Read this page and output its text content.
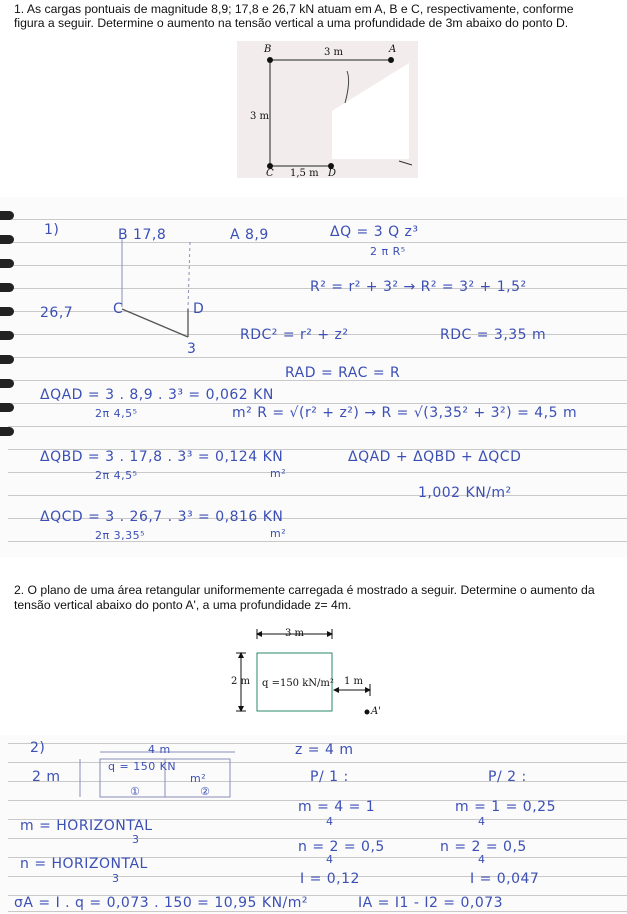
1. As cargas pontuais de magnitude 8,9; 17,8 e 26,7 kN atuam em A, B e C, respectivamente, conforme
figura a seguir. Determine o aumento na tensão vertical a uma profundidade de 3m abaixo do ponto D.
B	3 m	A
3 m
C 1,5 m D
1)	B 17,8	A 8,9	ΔQ = 3 Q z³
2 π R⁵
R² = r² + 3² → R² = 3² + 1,5²
26,7	C	D
RDC² = r² + z²	RDC = 3,35 m
3
RAD = RAC = R
ΔQAD = 3 . 8,9 . 3³ = 0,062 KN
2π 4,5⁵	m² R = √(r² + z²) → R = √(3,35² + 3²) = 4,5 m
ΔQBD = 3 . 17,8 . 3³ = 0,124 KN
2π 4,5⁵	m²
ΔQAD + ΔQBD + ΔQCD
1,002 KN/m²
ΔQCD = 3 . 26,7 . 3³ = 0,816 KN
2π 3,35⁵	m²
2. O plano de uma área retangular uniformemente carregada é mostrado a seguir. Determine o aumento da
tensão vertical abaixo do ponto A', a uma profundidade z= 4m.
3 m
2 m q =150 kN/m² 1 m
A'
2)	4 m	z = 4 m
2 m
q = 150 KN
m²
①	②
P/ 1 :	P/ 2 :
m = 4 = 1
4
m = 1 = 0,25
4
m = HORIZONTAL
3	n = 2 = 0,5
4
n = 2 = 0,5
4
n = HORIZONTAL
3	I = 0,12	I = 0,047
σA = I . q = 0,073 . 150 = 10,95 KN/m²	IA = I1 - I2 = 0,073
